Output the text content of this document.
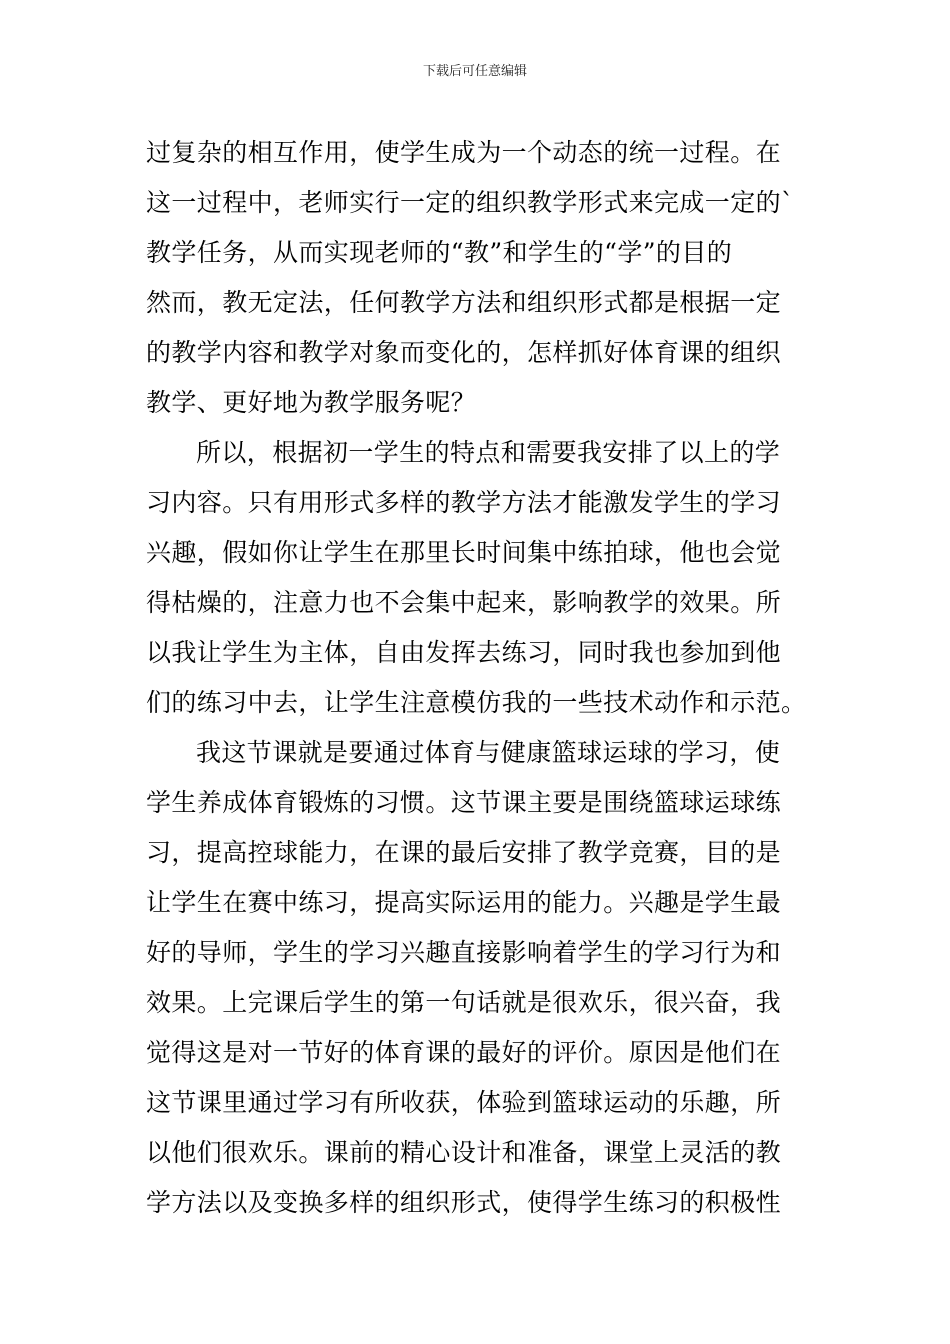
下载后可任意编辑
过复杂的相互作用，使学生成为一个动态的统一过程。在
这一过程中，老师实行一定的组织教学形式来完成一定的`
教学任务，从而实现老师的“教”和学生的“学”的目的
然而，教无定法，任何教学方法和组织形式都是根据一定
的教学内容和教学对象而变化的，怎样抓好体育课的组织
教学、更好地为教学服务呢？
所以，根据初一学生的特点和需要我安排了以上的学
习内容。只有用形式多样的教学方法才能激发学生的学习
兴趣，假如你让学生在那里长时间集中练拍球，他也会觉
得枯燥的，注意力也不会集中起来，影响教学的效果。所
以我让学生为主体，自由发挥去练习，同时我也参加到他
们的练习中去，让学生注意模仿我的一些技术动作和示范。
我这节课就是要通过体育与健康篮球运球的学习，使
学生养成体育锻炼的习惯。这节课主要是围绕篮球运球练
习，提高控球能力，在课的最后安排了教学竞赛，目的是
让学生在赛中练习，提高实际运用的能力。兴趣是学生最
好的导师，学生的学习兴趣直接影响着学生的学习行为和
效果。上完课后学生的第一句话就是很欢乐，很兴奋，我
觉得这是对一节好的体育课的最好的评价。原因是他们在
这节课里通过学习有所收获，体验到篮球运动的乐趣，所
以他们很欢乐。课前的精心设计和准备，课堂上灵活的教
学方法以及变换多样的组织形式，使得学生练习的积极性
